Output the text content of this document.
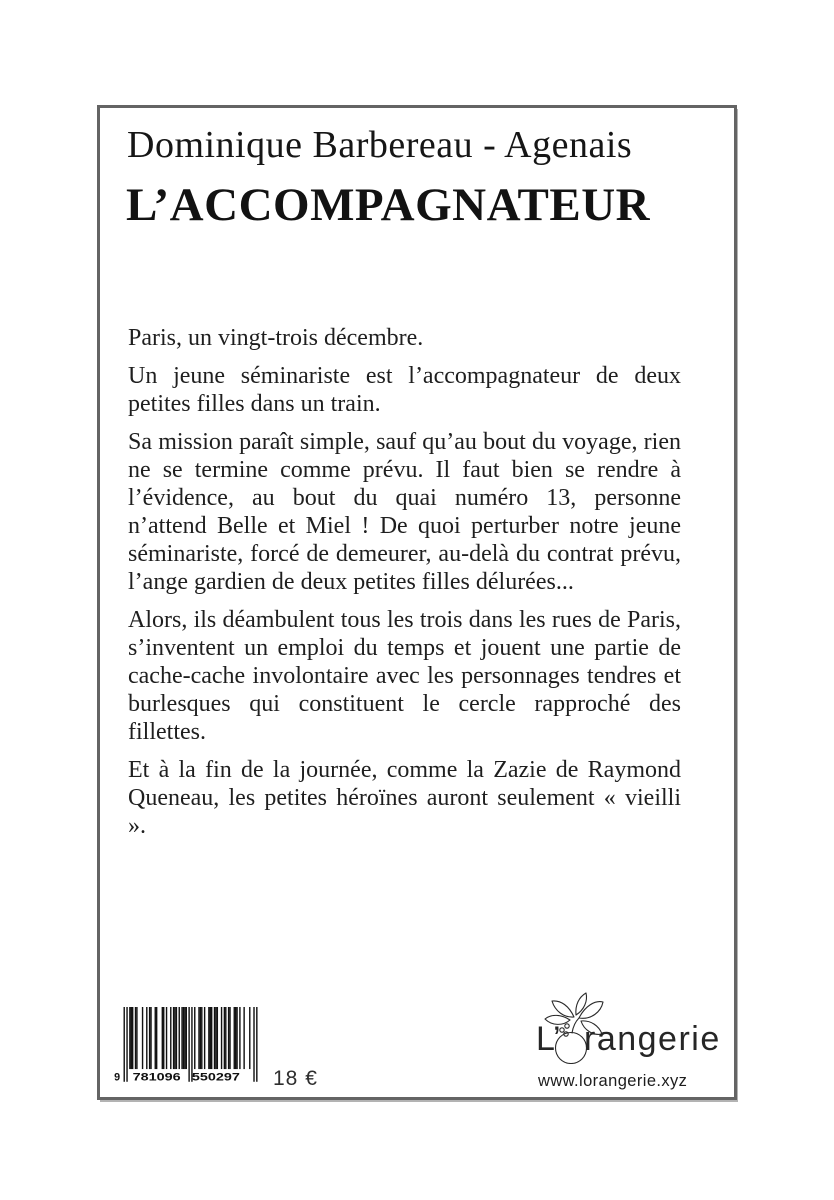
Dominique Barbereau - Agenais
L’ACCOMPAGNATEUR

Paris, un vingt-trois décembre.

Un jeune séminariste est l’accompagnateur de deux petites filles dans un train.

Sa mission paraît simple, sauf qu’au bout du voyage, rien ne se termine comme prévu. Il faut bien se rendre à l’évidence, au bout du quai numéro 13, personne n’attend Belle et Miel ! De quoi perturber notre jeune séminariste, forcé de demeurer, au-delà du contrat prévu, l’ange gardien de deux petites filles délurées...

Alors, ils déambulent tous les trois dans les rues de Paris, s’inventent un emploi du temps et jouent une partie de cache-cache involontaire avec les personnages tendres et burlesques qui constituent le cercle rapproché des fillettes.

Et à la fin de la journée, comme la Zazie de Raymond Queneau, les petites héroïnes auront seulement « vieilli ».

9 781096 550297 18 €
L’ rangerie
www.lorangerie.xyz
